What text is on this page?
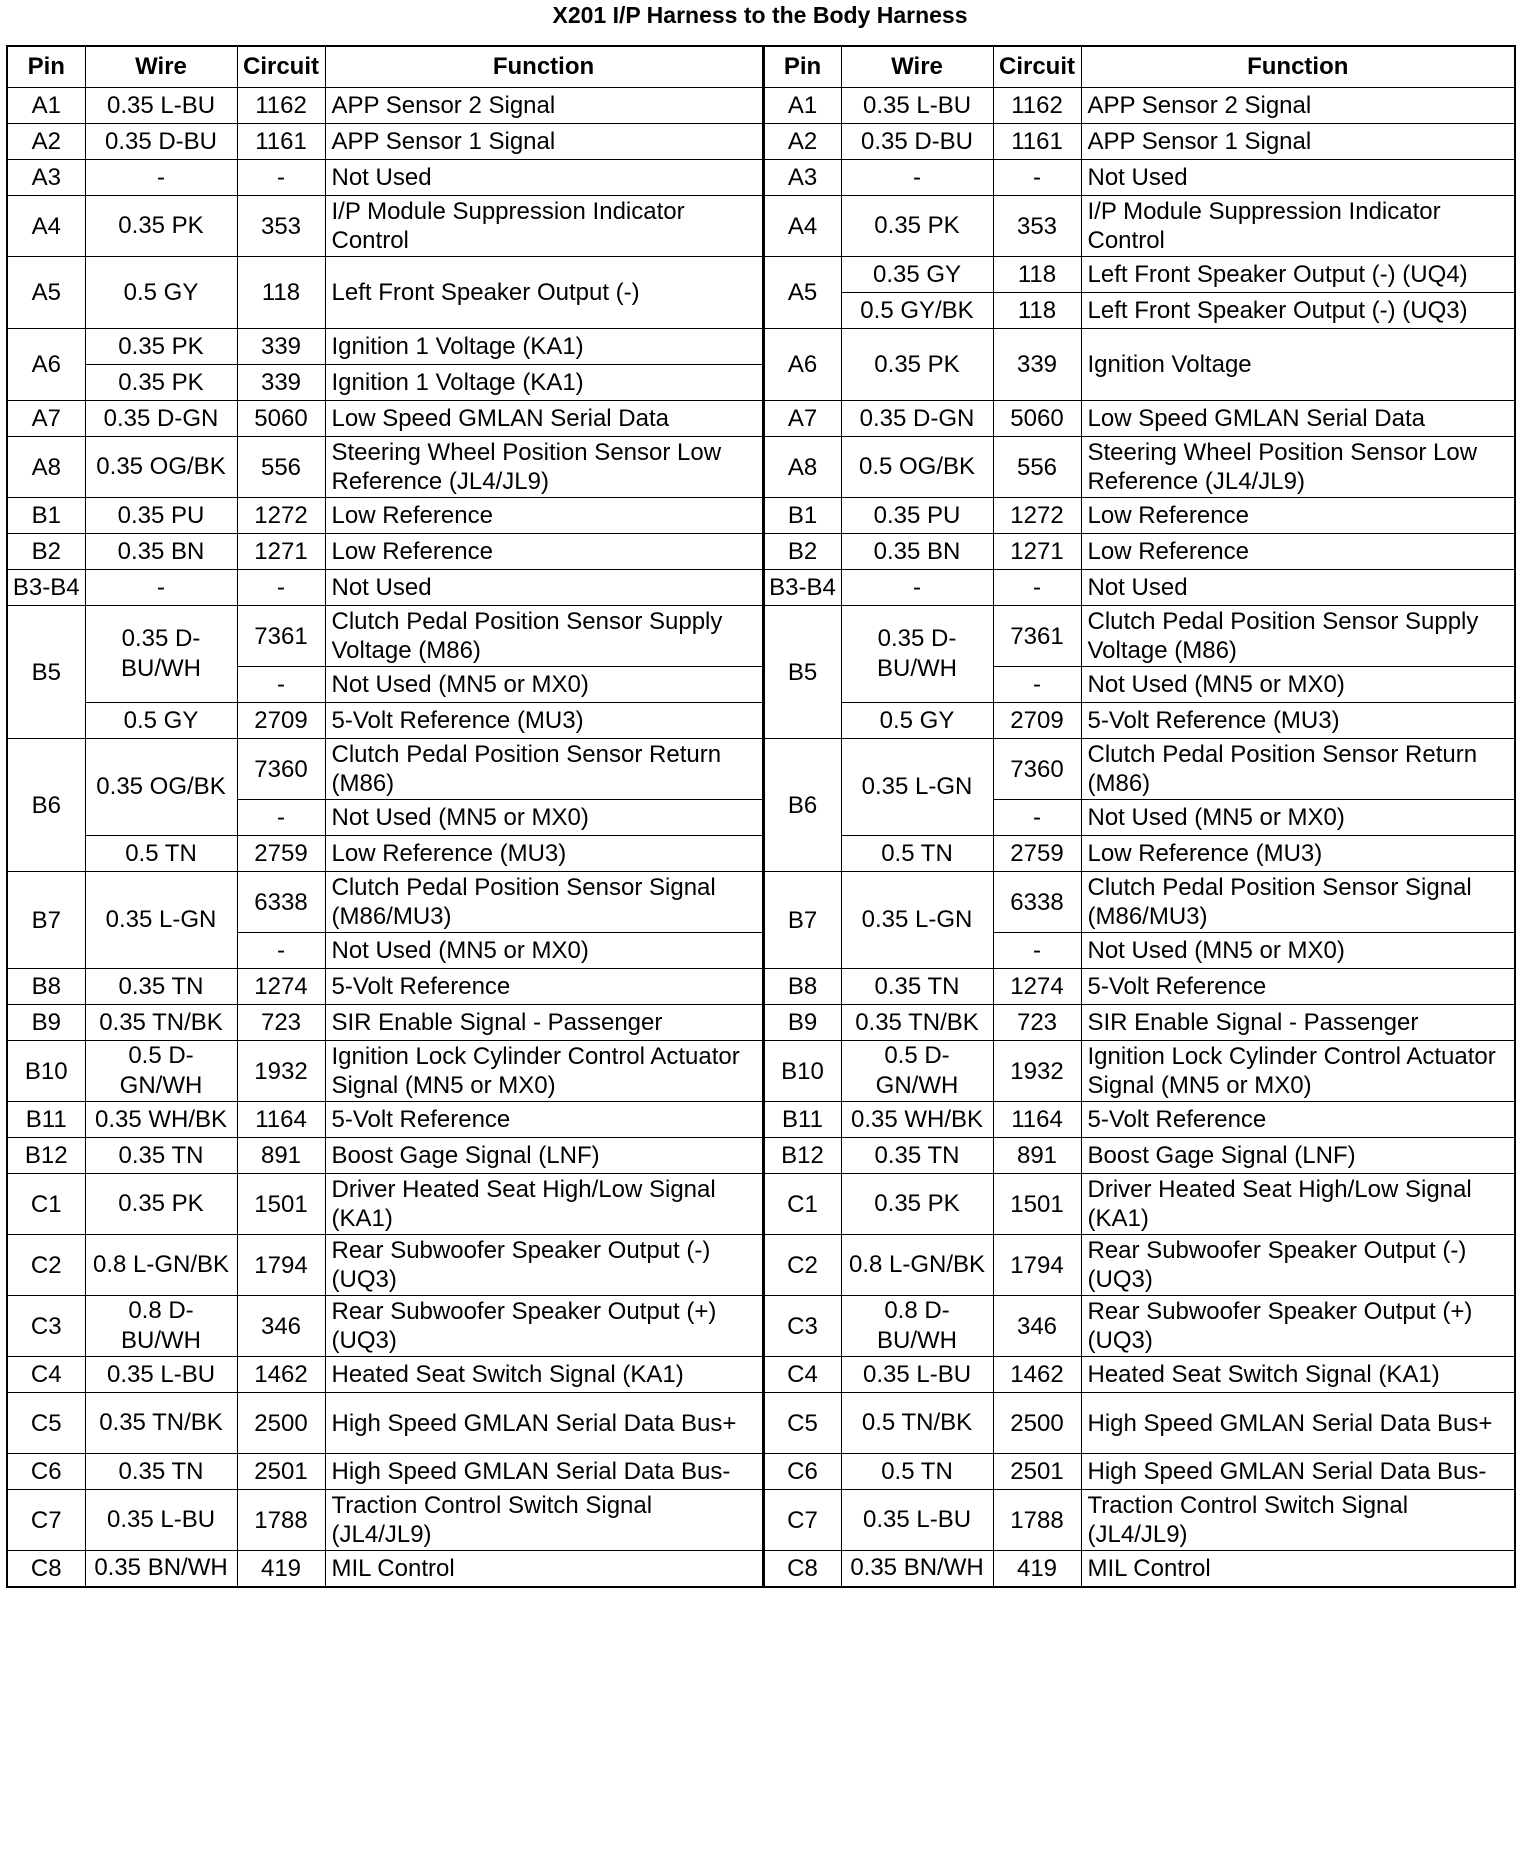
X201 I/P Harness to the Body Harness
Pin	Wire	Circuit	Function	Pin	Wire	Circuit	Function
A1	0.35 L-BU	1162	APP Sensor 2 Signal	A1	0.35 L-BU	1162	APP Sensor 2 Signal
A2	0.35 D-BU	1161	APP Sensor 1 Signal	A2	0.35 D-BU	1161	APP Sensor 1 Signal
A3	-	-	Not Used	A3	-	-	Not Used
A4	0.35 PK	353	I/P Module Suppression Indicator Control	A4	0.35 PK	353	I/P Module Suppression Indicator Control
A5	0.5 GY	118	Left Front Speaker Output (-)	A5	0.35 GY	118	Left Front Speaker Output (-) (UQ4)
					0.5 GY/BK	118	Left Front Speaker Output (-) (UQ3)
A6	0.35 PK	339	Ignition 1 Voltage (KA1)	A6	0.35 PK	339	Ignition Voltage
	0.35 PK	339	Ignition 1 Voltage (KA1)				
A7	0.35 D-GN	5060	Low Speed GMLAN Serial Data	A7	0.35 D-GN	5060	Low Speed GMLAN Serial Data
A8	0.35 OG/BK	556	Steering Wheel Position Sensor Low Reference (JL4/JL9)	A8	0.5 OG/BK	556	Steering Wheel Position Sensor Low Reference (JL4/JL9)
B1	0.35 PU	1272	Low Reference	B1	0.35 PU	1272	Low Reference
B2	0.35 BN	1271	Low Reference	B2	0.35 BN	1271	Low Reference
B3-B4	-	-	Not Used	B3-B4	-	-	Not Used
B5	0.35 D-BU/WH	7361	Clutch Pedal Position Sensor Supply Voltage (M86)	B5	0.35 D-BU/WH	7361	Clutch Pedal Position Sensor Supply Voltage (M86)
		-	Not Used (MN5 or MX0)			-	Not Used (MN5 or MX0)
	0.5 GY	2709	5-Volt Reference (MU3)		0.5 GY	2709	5-Volt Reference (MU3)
B6	0.35 OG/BK	7360	Clutch Pedal Position Sensor Return (M86)	B6	0.35 L-GN	7360	Clutch Pedal Position Sensor Return (M86)
		-	Not Used (MN5 or MX0)			-	Not Used (MN5 or MX0)
	0.5 TN	2759	Low Reference (MU3)		0.5 TN	2759	Low Reference (MU3)
B7	0.35 L-GN	6338	Clutch Pedal Position Sensor Signal (M86/MU3)	B7	0.35 L-GN	6338	Clutch Pedal Position Sensor Signal (M86/MU3)
		-	Not Used (MN5 or MX0)			-	Not Used (MN5 or MX0)
B8	0.35 TN	1274	5-Volt Reference	B8	0.35 TN	1274	5-Volt Reference
B9	0.35 TN/BK	723	SIR Enable Signal - Passenger	B9	0.35 TN/BK	723	SIR Enable Signal - Passenger
B10	0.5 D-GN/WH	1932	Ignition Lock Cylinder Control Actuator Signal (MN5 or MX0)	B10	0.5 D-GN/WH	1932	Ignition Lock Cylinder Control Actuator Signal (MN5 or MX0)
B11	0.35 WH/BK	1164	5-Volt Reference	B11	0.35 WH/BK	1164	5-Volt Reference
B12	0.35 TN	891	Boost Gage Signal (LNF)	B12	0.35 TN	891	Boost Gage Signal (LNF)
C1	0.35 PK	1501	Driver Heated Seat High/Low Signal (KA1)	C1	0.35 PK	1501	Driver Heated Seat High/Low Signal (KA1)
C2	0.8 L-GN/BK	1794	Rear Subwoofer Speaker Output (-) (UQ3)	C2	0.8 L-GN/BK	1794	Rear Subwoofer Speaker Output (-) (UQ3)
C3	0.8 D-BU/WH	346	Rear Subwoofer Speaker Output (+) (UQ3)	C3	0.8 D-BU/WH	346	Rear Subwoofer Speaker Output (+) (UQ3)
C4	0.35 L-BU	1462	Heated Seat Switch Signal (KA1)	C4	0.35 L-BU	1462	Heated Seat Switch Signal (KA1)
C5	0.35 TN/BK	2500	High Speed GMLAN Serial Data Bus+	C5	0.5 TN/BK	2500	High Speed GMLAN Serial Data Bus+
C6	0.35 TN	2501	High Speed GMLAN Serial Data Bus-	C6	0.5 TN	2501	High Speed GMLAN Serial Data Bus-
C7	0.35 L-BU	1788	Traction Control Switch Signal (JL4/JL9)	C7	0.35 L-BU	1788	Traction Control Switch Signal (JL4/JL9)
C8	0.35 BN/WH	419	MIL Control	C8	0.35 BN/WH	419	MIL Control
